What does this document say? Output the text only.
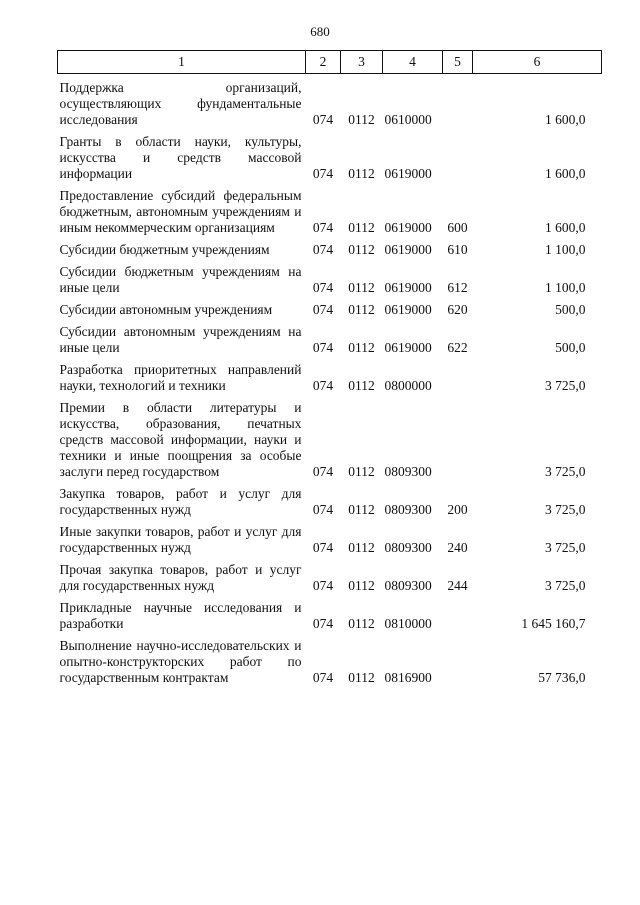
680
1	2	3	4	5	6
Поддержка организаций, осуществляющих фундаментальные исследования	074	0112	0610000		1 600,0
Гранты в области науки, культуры, искусства и средств массовой информации	074	0112	0619000		1 600,0
Предоставление субсидий федеральным бюджетным, автономным учреждениям и иным некоммерческим организациям	074	0112	0619000	600	1 600,0
Субсидии бюджетным учреждениям	074	0112	0619000	610	1 100,0
Субсидии бюджетным учреждениям на иные цели	074	0112	0619000	612	1 100,0
Субсидии автономным учреждениям	074	0112	0619000	620	500,0
Субсидии автономным учреждениям на иные цели	074	0112	0619000	622	500,0
Разработка приоритетных направлений науки, технологий и техники	074	0112	0800000		3 725,0
Премии в области литературы и искусства, образования, печатных средств массовой информации, науки и техники и иные поощрения за особые заслуги перед государством	074	0112	0809300		3 725,0
Закупка товаров, работ и услуг для государственных нужд	074	0112	0809300	200	3 725,0
Иные закупки товаров, работ и услуг для государственных нужд	074	0112	0809300	240	3 725,0
Прочая закупка товаров, работ и услуг для государственных нужд	074	0112	0809300	244	3 725,0
Прикладные научные исследования и разработки	074	0112	0810000		1 645 160,7
Выполнение научно-исследовательских и опытно-конструкторских работ по государственным контрактам	074	0112	0816900		57 736,0
